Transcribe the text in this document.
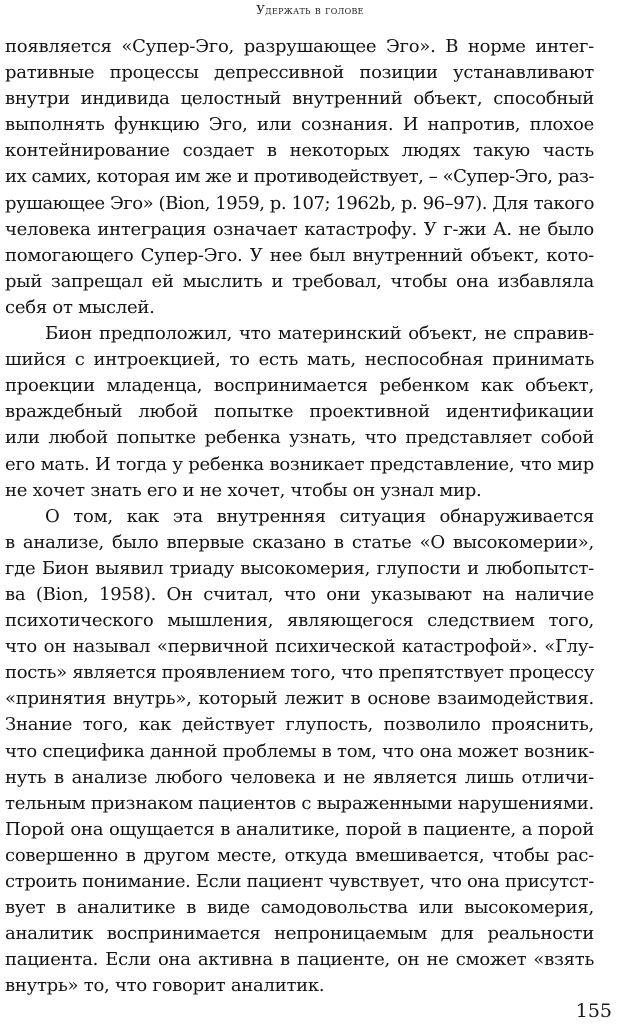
Удержать в голове
появляется «Супер-Эго, разрушающее Эго». В норме интег-
ративные процессы депрессивной позиции устанавливают
внутри индивида целостный внутренний объект, способный
выполнять функцию Эго, или сознания. И напротив, плохое
контейнирование создает в некоторых людях такую часть
их самих, которая им же и противодействует, – «Супер-Эго, раз-
рушающее Эго» (Bion, 1959, p. 107; 1962b, p. 96–97). Для такого
человека интеграция означает катастрофу. У г-жи А. не было
помогающего Супер-Эго. У нее был внутренний объект, кото-
рый запрещал ей мыслить и требовал, чтобы она избавляла
себя от мыслей.
Бион предположил, что материнский объект, не справив-
шийся с интроекцией, то есть мать, неспособная принимать
проекции младенца, воспринимается ребенком как объект,
враждебный любой попытке проективной идентификации
или любой попытке ребенка узнать, что представляет собой
его мать. И тогда у ребенка возникает представление, что мир
не хочет знать его и не хочет, чтобы он узнал мир.
О том, как эта внутренняя ситуация обнаруживается
в анализе, было впервые сказано в статье «О высокомерии»,
где Бион выявил триаду высокомерия, глупости и любопытст-
ва (Bion, 1958). Он считал, что они указывают на наличие
психотического мышления, являющегося следствием того,
что он называл «первичной психической катастрофой». «Глу-
пость» является проявлением того, что препятствует процессу
«принятия внутрь», который лежит в основе взаимодействия.
Знание того, как действует глупость, позволило прояснить,
что специфика данной проблемы в том, что она может возник-
нуть в анализе любого человека и не является лишь отличи-
тельным признаком пациентов с выраженными нарушениями.
Порой она ощущается в аналитике, порой в пациенте, а порой
совершенно в другом месте, откуда вмешивается, чтобы рас-
строить понимание. Если пациент чувствует, что она присутст-
вует в аналитике в виде самодовольства или высокомерия,
аналитик воспринимается непроницаемым для реальности
пациента. Если она активна в пациенте, он не сможет «взять
внутрь» то, что говорит аналитик.
155
